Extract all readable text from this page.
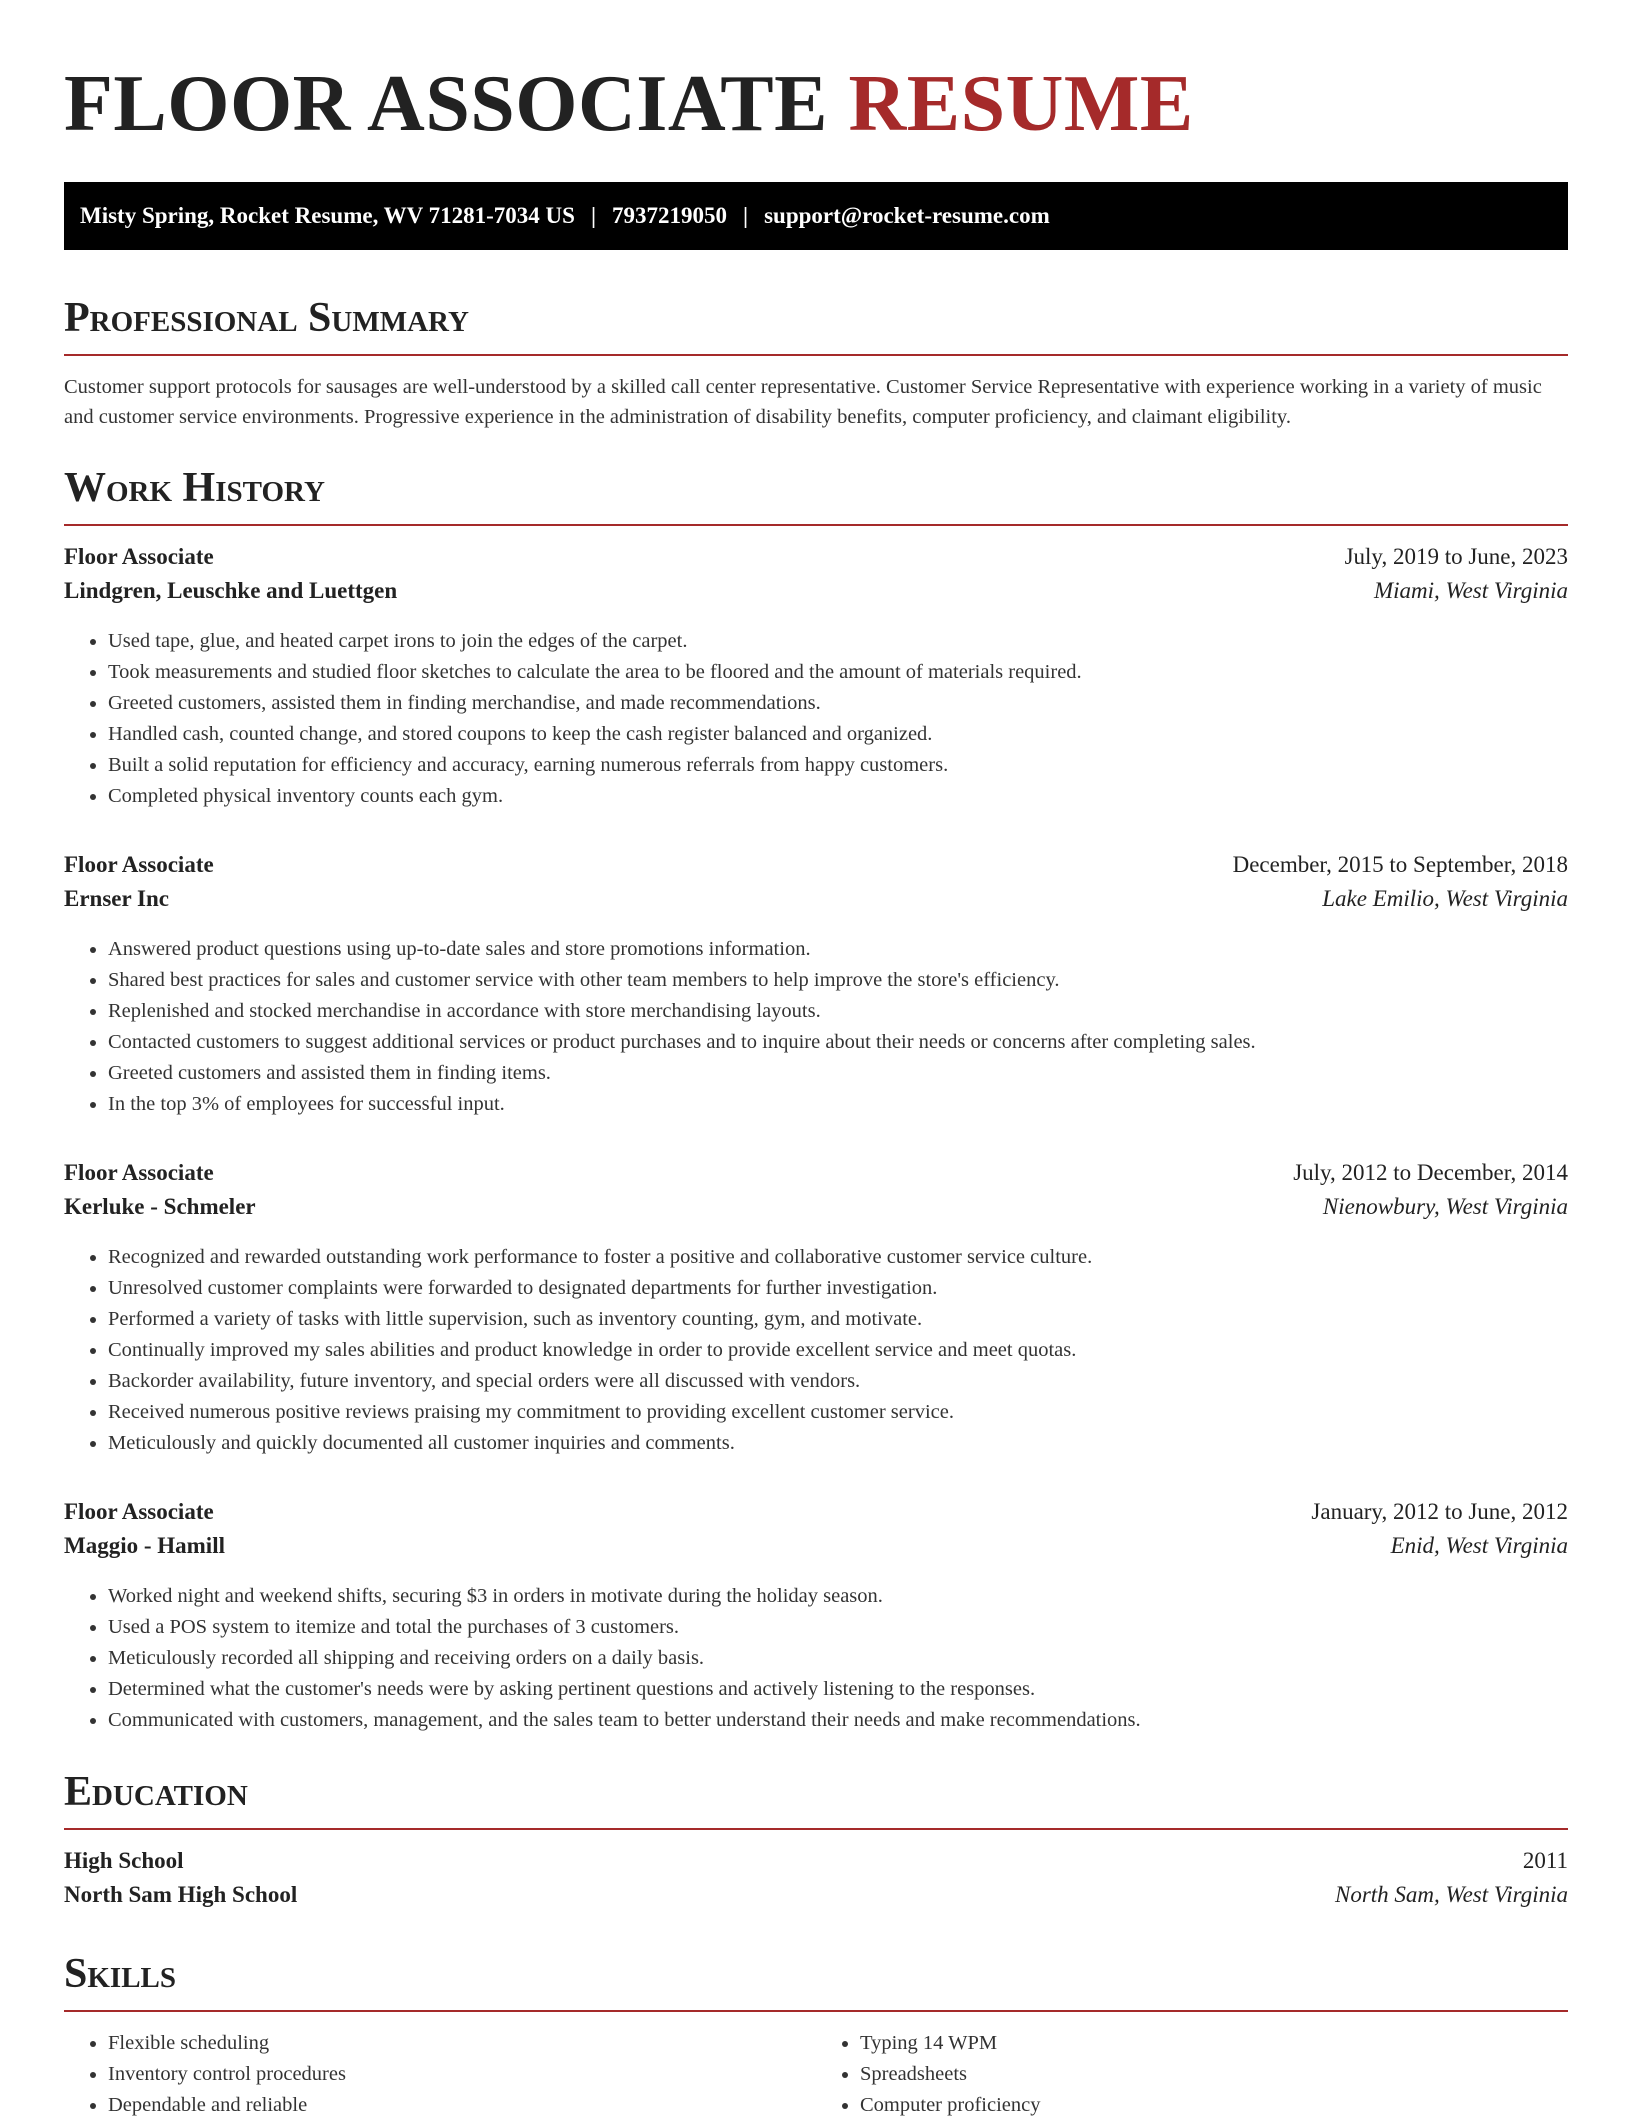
FLOOR ASSOCIATE RESUME
Misty Spring, Rocket Resume, WV 71281-7034 US | 7937219050 | support@rocket-resume.com
Professional Summary

Customer support protocols for sausages are well-understood by a skilled call center representative. Customer Service Representative with experience working in a variety of music and customer service environments. Progressive experience in the administration of disability benefits, computer proficiency, and claimant eligibility.

Work History
Floor Associate	July, 2019 to June, 2023
Lindgren, Leuschke and Luettgen	Miami, West Virginia
• Used tape, glue, and heated carpet irons to join the edges of the carpet.
• Took measurements and studied floor sketches to calculate the area to be floored and the amount of materials required.
• Greeted customers, assisted them in finding merchandise, and made recommendations.
• Handled cash, counted change, and stored coupons to keep the cash register balanced and organized.
• Built a solid reputation for efficiency and accuracy, earning numerous referrals from happy customers.
• Completed physical inventory counts each gym.
Floor Associate	December, 2015 to September, 2018
Ernser Inc	Lake Emilio, West Virginia
• Answered product questions using up-to-date sales and store promotions information.
• Shared best practices for sales and customer service with other team members to help improve the store's efficiency.
• Replenished and stocked merchandise in accordance with store merchandising layouts.
• Contacted customers to suggest additional services or product purchases and to inquire about their needs or concerns after completing sales.
• Greeted customers and assisted them in finding items.
• In the top 3% of employees for successful input.
Floor Associate	July, 2012 to December, 2014
Kerluke - Schmeler	Nienowbury, West Virginia
• Recognized and rewarded outstanding work performance to foster a positive and collaborative customer service culture.
• Unresolved customer complaints were forwarded to designated departments for further investigation.
• Performed a variety of tasks with little supervision, such as inventory counting, gym, and motivate.
• Continually improved my sales abilities and product knowledge in order to provide excellent service and meet quotas.
• Backorder availability, future inventory, and special orders were all discussed with vendors.
• Received numerous positive reviews praising my commitment to providing excellent customer service.
• Meticulously and quickly documented all customer inquiries and comments.
Floor Associate	January, 2012 to June, 2012
Maggio - Hamill	Enid, West Virginia
• Worked night and weekend shifts, securing $3 in orders in motivate during the holiday season.
• Used a POS system to itemize and total the purchases of 3 customers.
• Meticulously recorded all shipping and receiving orders on a daily basis.
• Determined what the customer's needs were by asking pertinent questions and actively listening to the responses.
• Communicated with customers, management, and the sales team to better understand their needs and make recommendations.
Education
High School	2011
North Sam High School	North Sam, West Virginia
Skills
• Flexible scheduling
• Inventory control procedures
• Dependable and reliable
• Typing 14 WPM
• Spreadsheets
• Computer proficiency
